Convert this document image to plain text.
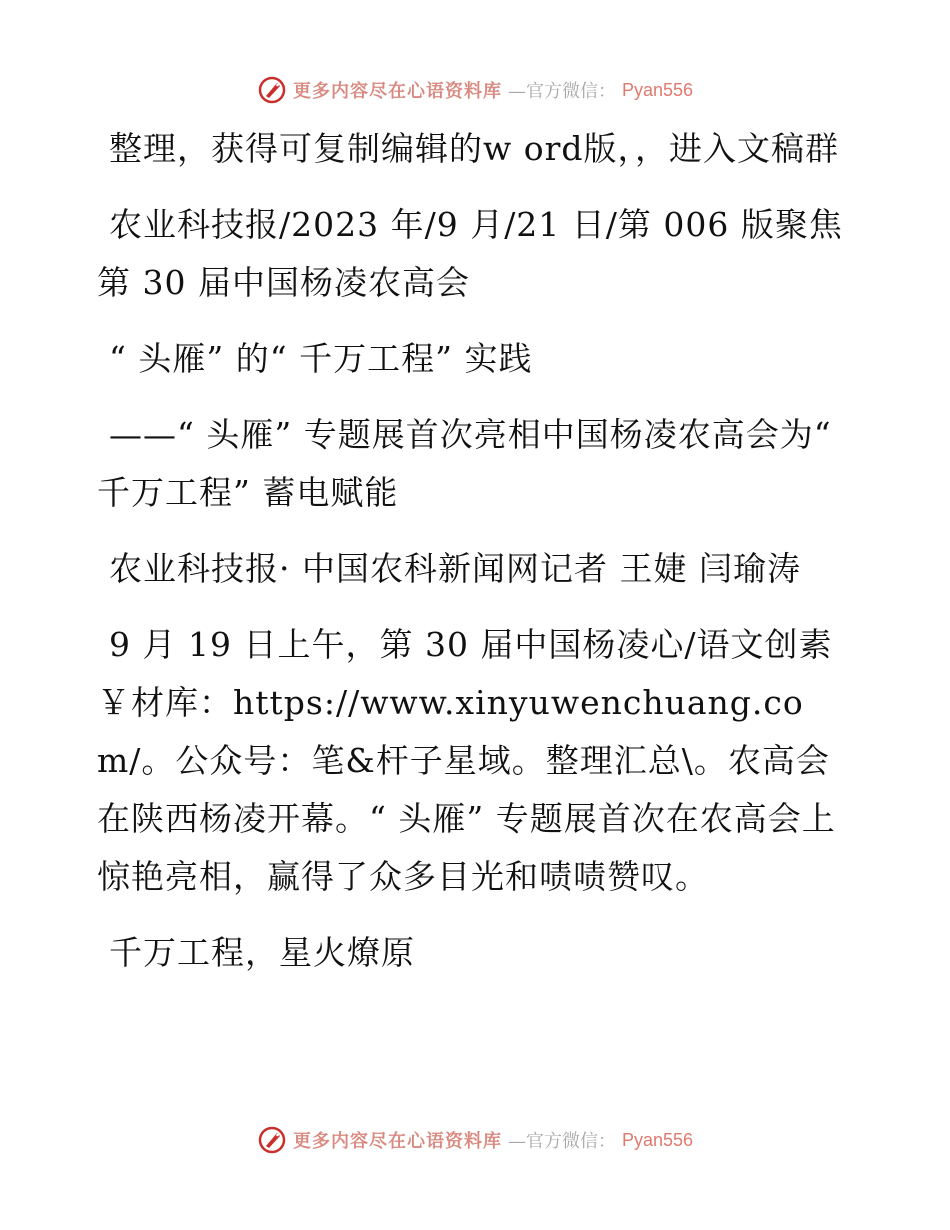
更多内容尽在心语资料库 —官方微信： Pyan556

整理，获得可复制编辑的w ord版，，进入文稿群

农业科技报/2023 年/9 月/21 日/第 006 版聚焦第 30 届中国杨凌农高会

“ 头雁” 的“ 千万工程” 实践

——“ 头雁” 专题展首次亮相中国杨凌农高会为“ 千万工程” 蓄电赋能

农业科技报· 中国农科新闻网记者 王婕 闫瑜涛

9 月 19 日上午，第 30 届中国杨凌心/语文创素￥材库：https://www.xinyuwenchuang.com/。公众号：笔&杆子星域。整理汇总\。农高会在陕西杨凌开幕。“ 头雁” 专题展首次在农高会上惊艳亮相，赢得了众多目光和啧啧赞叹。

千万工程，星火燎原

更多内容尽在心语资料库 —官方微信： Pyan556
